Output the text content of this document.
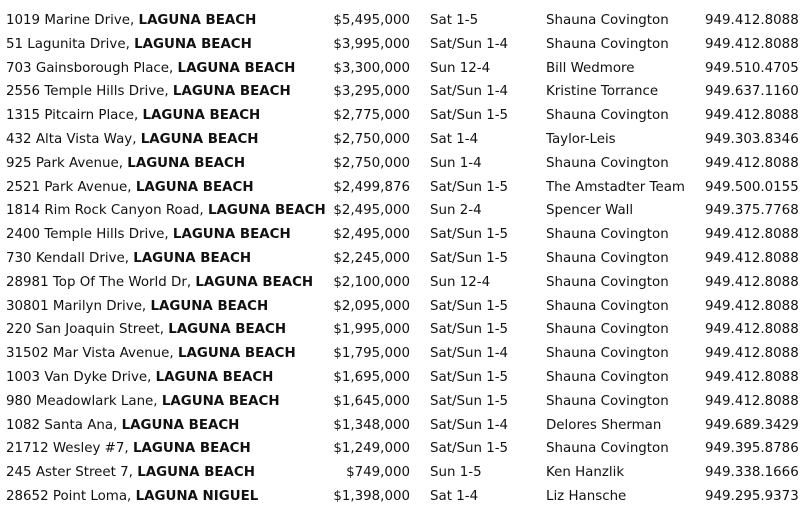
1019 Marine Drive, LAGUNA BEACH	$5,495,000 Sat 1-5	Shauna Covington	949.412.8088
51 Lagunita Drive, LAGUNA BEACH	$3,995,000 Sat/Sun 1-4	Shauna Covington	949.412.8088
703 Gainsborough Place, LAGUNA BEACH	$3,300,000 Sun 12-4	Bill Wedmore	949.510.4705
2556 Temple Hills Drive, LAGUNA BEACH	$3,295,000 Sat/Sun 1-4	Kristine Torrance	949.637.1160
1315 Pitcairn Place, LAGUNA BEACH	$2,775,000 Sat/Sun 1-5	Shauna Covington	949.412.8088
432 Alta Vista Way, LAGUNA BEACH	$2,750,000 Sat 1-4	Taylor-Leis	949.303.8346
925 Park Avenue, LAGUNA BEACH	$2,750,000 Sun 1-4	Shauna Covington	949.412.8088
2521 Park Avenue, LAGUNA BEACH	$2,499,876 Sat/Sun 1-5	The Amstadter Team 949.500.0155
1814 Rim Rock Canyon Road, LAGUNA BEACH $2,495,000 Sun 2-4	Spencer Wall	949.375.7768
2400 Temple Hills Drive, LAGUNA BEACH	$2,495,000 Sat/Sun 1-5	Shauna Covington	949.412.8088
730 Kendall Drive, LAGUNA BEACH	$2,245,000 Sat/Sun 1-5	Shauna Covington	949.412.8088
28981 Top Of The World Dr, LAGUNA BEACH	$2,100,000 Sun 12-4	Shauna Covington	949.412.8088
30801 Marilyn Drive, LAGUNA BEACH	$2,095,000 Sat/Sun 1-5	Shauna Covington	949.412.8088
220 San Joaquin Street, LAGUNA BEACH	$1,995,000 Sat/Sun 1-5	Shauna Covington	949.412.8088
31502 Mar Vista Avenue, LAGUNA BEACH	$1,795,000 Sat/Sun 1-4	Shauna Covington	949.412.8088
1003 Van Dyke Drive, LAGUNA BEACH	$1,695,000 Sat/Sun 1-5	Shauna Covington	949.412.8088
980 Meadowlark Lane, LAGUNA BEACH	$1,645,000 Sat/Sun 1-5	Shauna Covington	949.412.8088
1082 Santa Ana, LAGUNA BEACH	$1,348,000 Sat/Sun 1-4	Delores Sherman	949.689.3429
21712 Wesley #7, LAGUNA BEACH	$1,249,000 Sat/Sun 1-5	Shauna Covington	949.395.8786
245 Aster Street 7, LAGUNA BEACH	$749,000 Sun 1-5	Ken Hanzlik	949.338.1666
28652 Point Loma, LAGUNA NIGUEL	$1,398,000 Sat 1-4	Liz Hansche	949.295.9373
